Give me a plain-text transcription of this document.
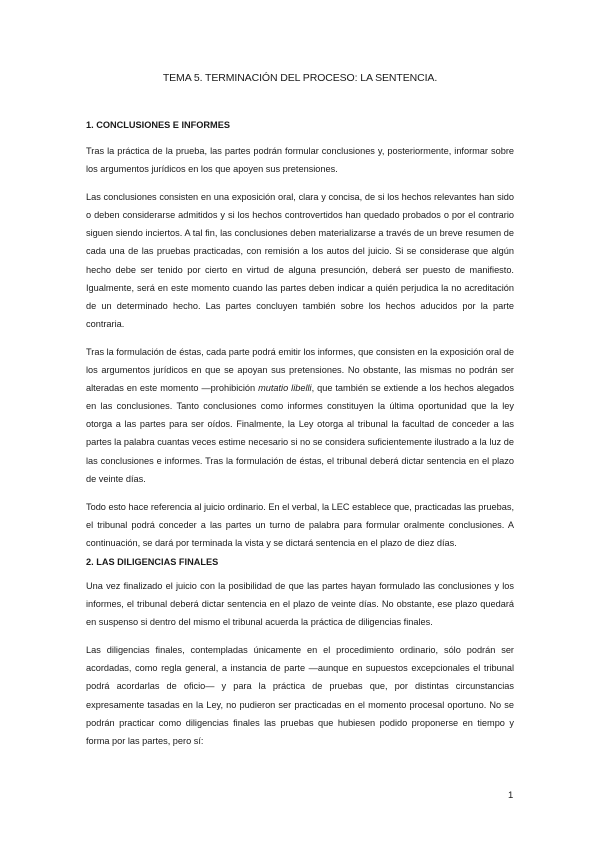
TEMA 5. TERMINACIÓN DEL PROCESO: LA SENTENCIA.
1. CONCLUSIONES E INFORMES

Tras la práctica de la prueba, las partes podrán formular conclusiones y, posteriormente, informar sobre los argumentos jurídicos en los que apoyen sus pretensiones.

Las conclusiones consisten en una exposición oral, clara y concisa, de si los hechos relevantes han sido o deben considerarse admitidos y si los hechos controvertidos han quedado probados o por el contrario siguen siendo inciertos. A tal fin, las conclusiones deben materializarse a través de un breve resumen de cada una de las pruebas practicadas, con remisión a los autos del juicio. Si se considerase que algún hecho debe ser tenido por cierto en virtud de alguna presunción, deberá ser puesto de manifiesto. Igualmente, será en este momento cuando las partes deben indicar a quién perjudica la no acreditación de un determinado hecho. Las partes concluyen también sobre los hechos aducidos por la parte contraria.

Tras la formulación de éstas, cada parte podrá emitir los informes, que consisten en la exposición oral de los argumentos jurídicos en que se apoyan sus pretensiones. No obstante, las mismas no podrán ser alteradas en este momento —prohibición mutatio libelli, que también se extiende a los hechos alegados en las conclusiones. Tanto conclusiones como informes constituyen la última oportunidad que la ley otorga a las partes para ser oídos. Finalmente, la Ley otorga al tribunal la facultad de conceder a las partes la palabra cuantas veces estime necesario si no se considera suficientemente ilustrado a la luz de las conclusiones e informes. Tras la formulación de éstas, el tribunal deberá dictar sentencia en el plazo de veinte días.

Todo esto hace referencia al juicio ordinario. En el verbal, la LEC establece que, practicadas las pruebas, el tribunal podrá conceder a las partes un turno de palabra para formular oralmente conclusiones. A continuación, se dará por terminada la vista y se dictará sentencia en el plazo de diez días.

2. LAS DILIGENCIAS FINALES

Una vez finalizado el juicio con la posibilidad de que las partes hayan formulado las conclusiones y los informes, el tribunal deberá dictar sentencia en el plazo de veinte días. No obstante, ese plazo quedará en suspenso si dentro del mismo el tribunal acuerda la práctica de diligencias finales.

Las diligencias finales, contempladas únicamente en el procedimiento ordinario, sólo podrán ser acordadas, como regla general, a instancia de parte —aunque en supuestos excepcionales el tribunal podrá acordarlas de oficio— y para la práctica de pruebas que, por distintas circunstancias expresamente tasadas en la Ley, no pudieron ser practicadas en el momento procesal oportuno. No se podrán practicar como diligencias finales las pruebas que hubiesen podido proponerse en tiempo y forma por las partes, pero sí:

1
